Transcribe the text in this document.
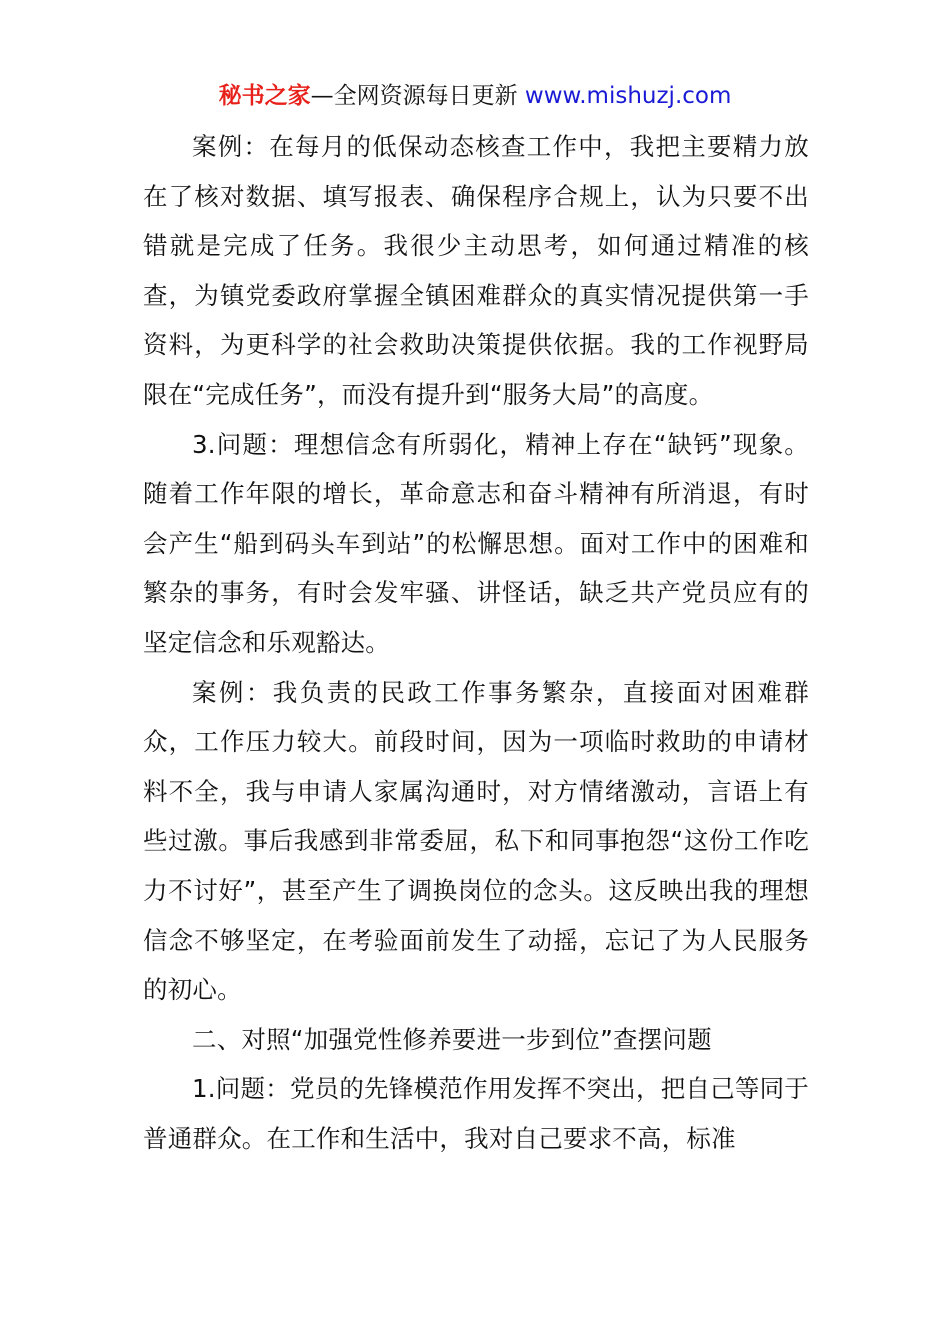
秘书之家—全网资源每日更新 www.mishuzj.com

案例：在每月的低保动态核查工作中，我把主要精力放在了核对数据、填写报表、确保程序合规上，认为只要不出错就是完成了任务。我很少主动思考，如何通过精准的核查，为镇党委政府掌握全镇困难群众的真实情况提供第一手资料，为更科学的社会救助决策提供依据。我的工作视野局限在“完成任务”，而没有提升到“服务大局”的高度。

3.问题：理想信念有所弱化，精神上存在“缺钙”现象。随着工作年限的增长，革命意志和奋斗精神有所消退，有时会产生“船到码头车到站”的松懈思想。面对工作中的困难和繁杂的事务，有时会发牢骚、讲怪话，缺乏共产党员应有的坚定信念和乐观豁达。

案例：我负责的民政工作事务繁杂，直接面对困难群众，工作压力较大。前段时间，因为一项临时救助的申请材料不全，我与申请人家属沟通时，对方情绪激动，言语上有些过激。事后我感到非常委屈，私下和同事抱怨“这份工作吃力不讨好”，甚至产生了调换岗位的念头。这反映出我的理想信念不够坚定，在考验面前发生了动摇，忘记了为人民服务的初心。

二、对照“加强党性修养要进一步到位”查摆问题

1.问题：党员的先锋模范作用发挥不突出，把自己等同于普通群众。在工作和生活中，我对自己要求不高，标准
